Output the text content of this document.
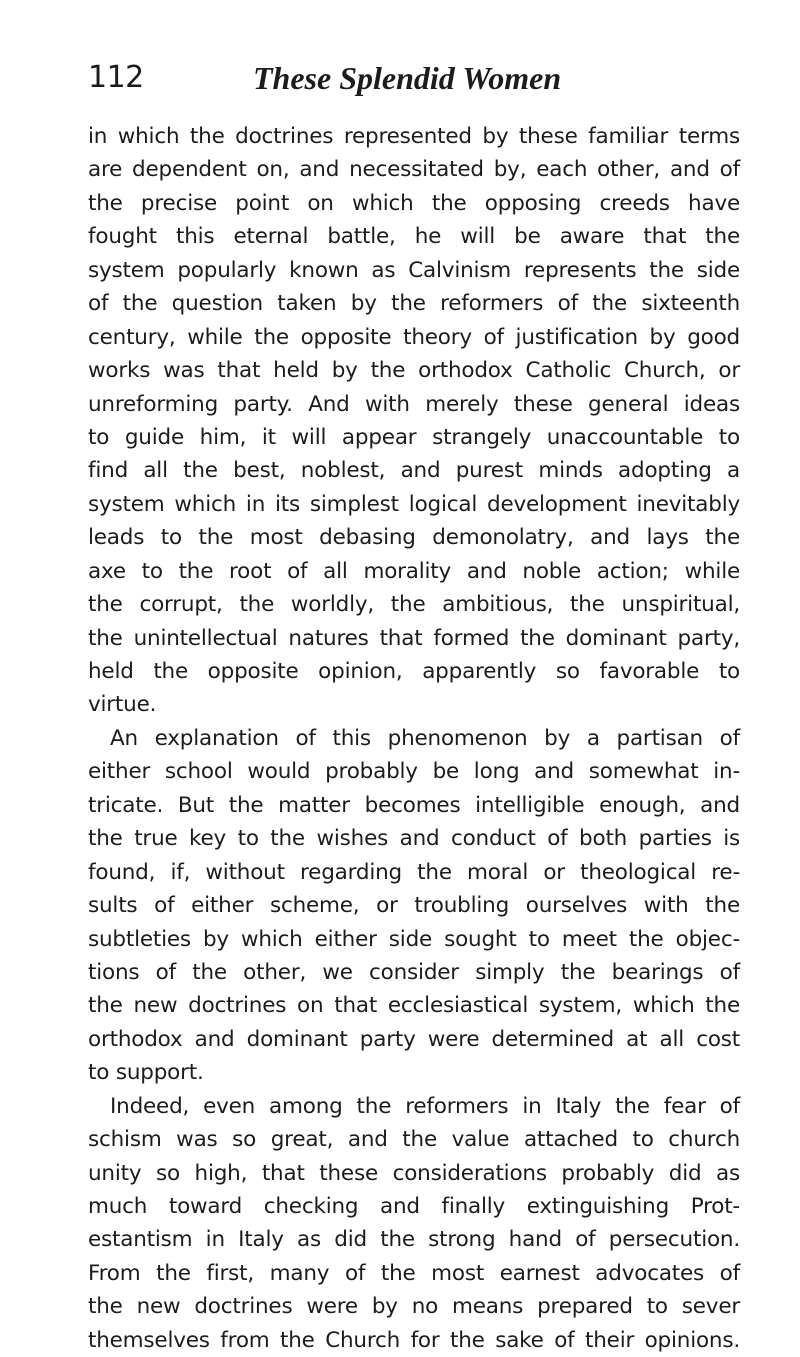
112	These Splendid Women
in which the doctrines represented by these familiar terms
are dependent on, and necessitated by, each other, and of
the precise point on which the opposing creeds have
fought this eternal battle, he will be aware that the
system popularly known as Calvinism represents the side
of the question taken by the reformers of the sixteenth
century, while the opposite theory of justification by good
works was that held by the orthodox Catholic Church, or
unreforming party. And with merely these general ideas
to guide him, it will appear strangely unaccountable to
find all the best, noblest, and purest minds adopting a
system which in its simplest logical development inevitably
leads to the most debasing demonolatry, and lays the
axe to the root of all morality and noble action; while
the corrupt, the worldly, the ambitious, the unspiritual,
the unintellectual natures that formed the dominant party,
held the opposite opinion, apparently so favorable to
virtue.
An explanation of this phenomenon by a partisan of
either school would probably be long and somewhat in-
tricate. But the matter becomes intelligible enough, and
the true key to the wishes and conduct of both parties is
found, if, without regarding the moral or theological re-
sults of either scheme, or troubling ourselves with the
subtleties by which either side sought to meet the objec-
tions of the other, we consider simply the bearings of
the new doctrines on that ecclesiastical system, which the
orthodox and dominant party were determined at all cost
to support.
Indeed, even among the reformers in Italy the fear of
schism was so great, and the value attached to church
unity so high, that these considerations probably did as
much toward checking and finally extinguishing Prot-
estantism in Italy as did the strong hand of persecution.
From the first, many of the most earnest advocates of
the new doctrines were by no means prepared to sever
themselves from the Church for the sake of their opinions.
